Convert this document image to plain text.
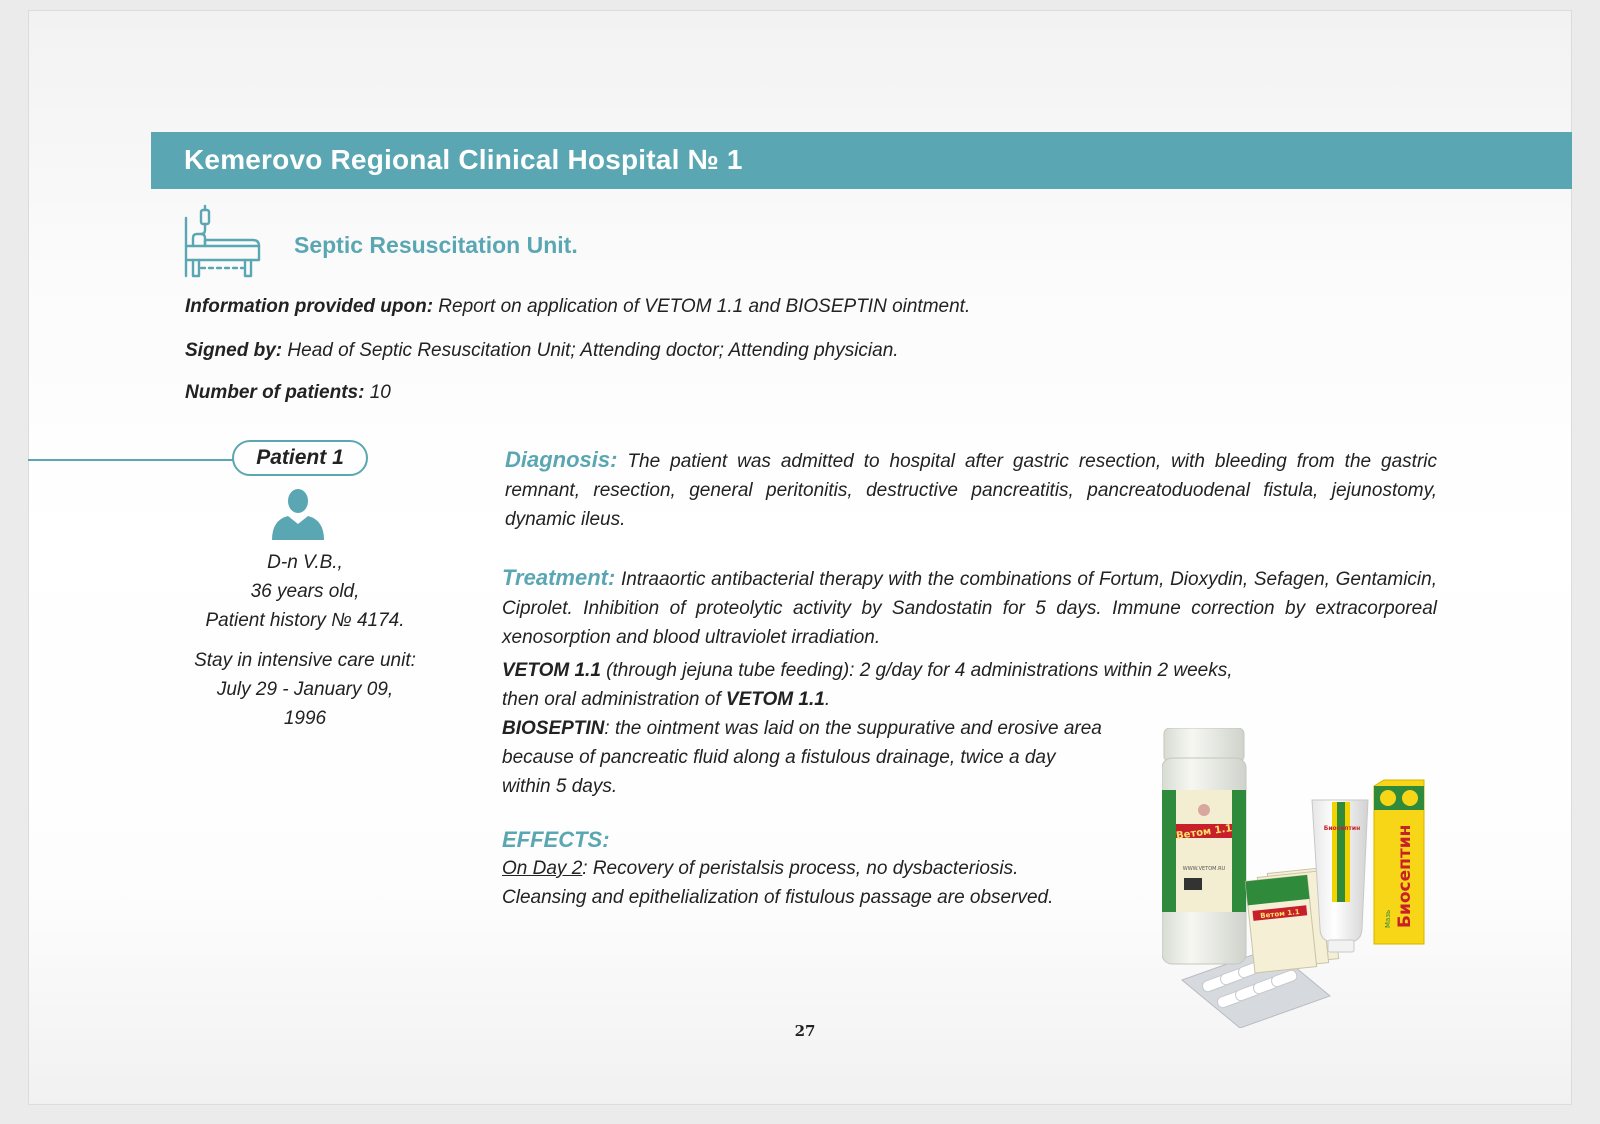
Kemerovo Regional Clinical Hospital № 1
Septic Resuscitation Unit.
Information provided upon: Report on application of VETOM 1.1 and BIOSEPTIN ointment.
Signed by: Head of Septic Resuscitation Unit; Attending doctor; Attending physician.
Number of patients: 10
Patient 1
D-n V.B.,
36 years old,
Patient history № 4174.
Stay in intensive care unit:
July 29 - January 09,
1996
Diagnosis: The patient was admitted to hospital after gastric resection, with bleeding from the gastric remnant, resection, general peritonitis, destructive pancreatitis, pancreatoduodenal fistula, jejunostomy, dynamic ileus.
Treatment: Intraaortic antibacterial therapy with the combinations of Fortum, Dioxydin, Sefagen, Gentamicin, Ciprolet. Inhibition of proteolytic activity by Sandostatin for 5 days. Immune correction by extracorporeal xenosorption and blood ultraviolet irradiation.
VETOM 1.1 (through jejuna tube feeding): 2 g/day for 4 administrations within 2 weeks,
then oral administration of VETOM 1.1.
BIOSEPTIN: the ointment was laid on the suppurative and erosive area
because of pancreatic fluid along a fistulous drainage, twice a day
within 5 days.
EFFECTS:
On Day 2: Recovery of peristalsis process, no dysbacteriosis.
Cleansing and epithelialization of fistulous passage are observed.
Ветом 1.1
WWW.VETOM.RU
Ветом 1.1
Биосептин Биосептин
Мазь
27
